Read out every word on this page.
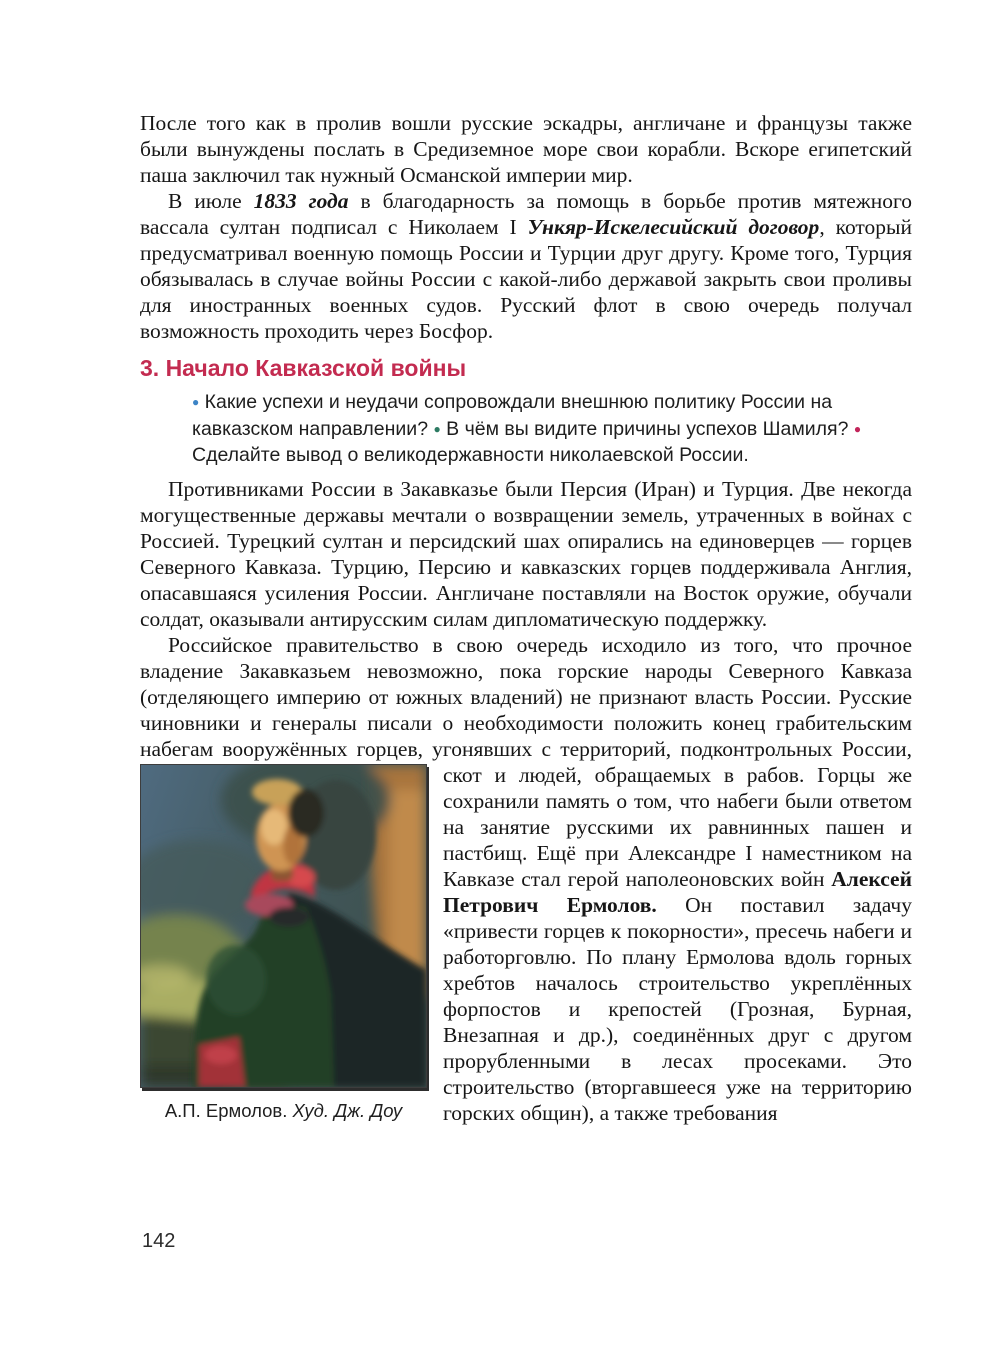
После того как в пролив вошли русские эскадры, англичане и французы также были вынуждены послать в Средиземное море свои корабли. Вскоре египетский паша заключил так нужный Османской империи мир.

В июле 1833 года в благодарность за помощь в борьбе против мятежного вассала султан подписал с Николаем I Ункяр-Искелесийский договор, который предусматривал военную помощь России и Турции друг другу. Кроме того, Турция обязывалась в случае войны России с какой-либо державой закрыть свои проливы для иностранных военных судов. Русский флот в свою очередь получал возможность проходить через Босфор.

3. Начало Кавказской войны
● Какие успехи и неудачи сопровождали внешнюю политику России на кавказском направлении? ● В чём вы видите причины успехов Шамиля? ● Сделайте вывод о великодержавности николаевской России.

Противниками России в Закавказье были Персия (Иран) и Турция. Две некогда могущественные державы мечтали о возвращении земель, утраченных в войнах с Россией. Турецкий султан и персидский шах опирались на единоверцев — горцев Северного Кавказа. Турцию, Персию и кавказских горцев поддерживала Англия, опасавшаяся усиления России. Англичане поставляли на Восток оружие, обучали солдат, оказывали антирусским силам дипломатическую поддержку.

Российское правительство в свою очередь исходило из того, что прочное владение Закавказьем невозможно, пока горские народы Северного Кавказа (отделяющего империю от южных владений) не признают власть России. Русские чиновники и генералы писали о необходимости положить конец грабительским набегам вооружённых горцев, угонявших с территорий, подконтрольных России, скот и людей, обращае
А.П. Ермолов. Худ. Дж. Доу
мых в рабов. Горцы же сохранили память о том, что набеги были ответом на занятие русскими их равнинных пашен и пастбищ. Ещё при Александре I наместником на Кавказе стал герой наполеоновских войн Алексей Петрович Ермолов. Он поставил задачу «привести горцев к покорности», пресечь набеги и работорговлю. По плану Ермолова вдоль горных хребтов началось строительство укреплённых форпостов и крепостей (Грозная, Бурная, Внезапная и др.), соединённых друг с другом прорубленными в лесах просеками. Это строительство (вторгавшееся уже на территорию горских общин), а также требования

142
